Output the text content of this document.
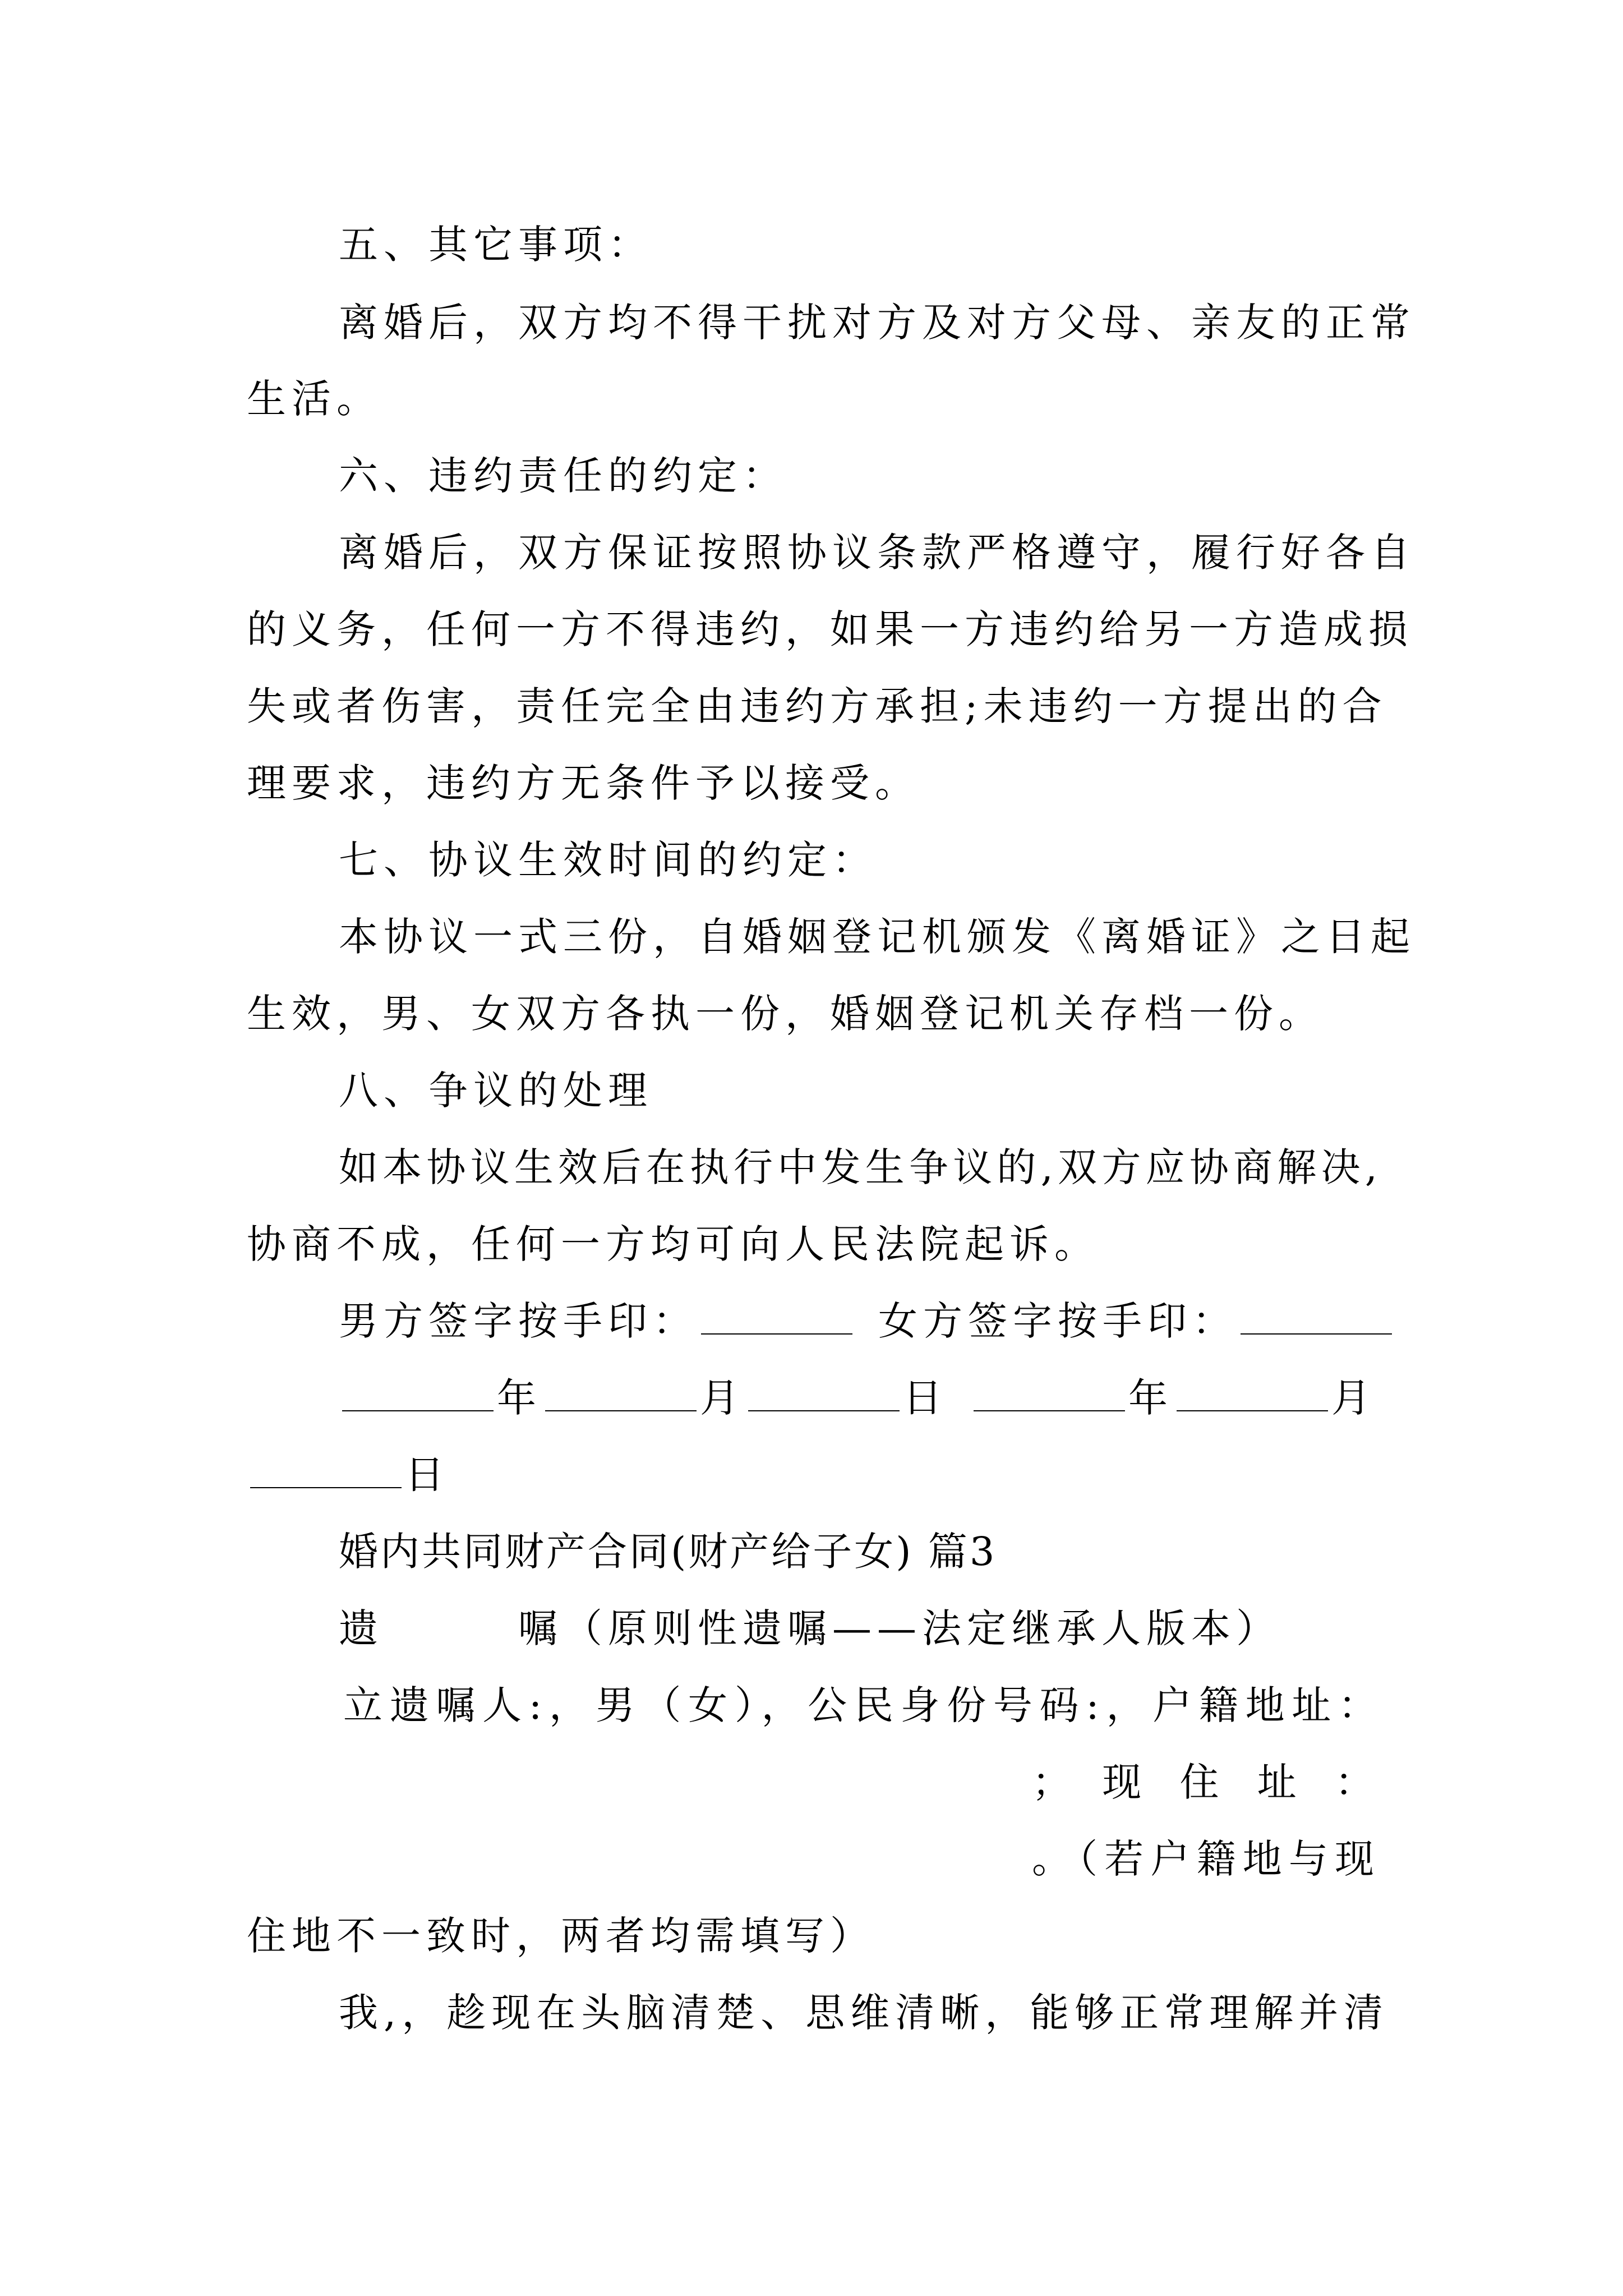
五、其它事项：
离婚后，双方均不得干扰对方及对方父母、亲友的正常
生活。
六、违约责任的约定：
离婚后，双方保证按照协议条款严格遵守，履行好各自
的义务，任何一方不得违约，如果一方违约给另一方造成损
失或者伤害，责任完全由违约方承担;未违约一方提出的合
理要求，违约方无条件予以接受。
七、协议生效时间的约定：
本协议一式三份，自婚姻登记机颁发《离婚证》之日起
生效，男、女双方各执一份，婚姻登记机关存档一份。
八、争议的处理
如本协议生效后在执行中发生争议的,双方应协商解决,
协商不成，任何一方均可向人民法院起诉。
男方签字按手印：	女方签字按手印：
年	月	日	年	月
日
婚内共同财产合同(财产给子女) 篇3
遗	嘱（原则性遗嘱——法定继承人版本）
立遗嘱人:，男（女），公民身份号码:，户籍地址：
； 现 住 址 ：
。（若户籍地与现
住地不一致时，两者均需填写）
我,，趁现在头脑清楚、思维清晰，能够正常理解并清
